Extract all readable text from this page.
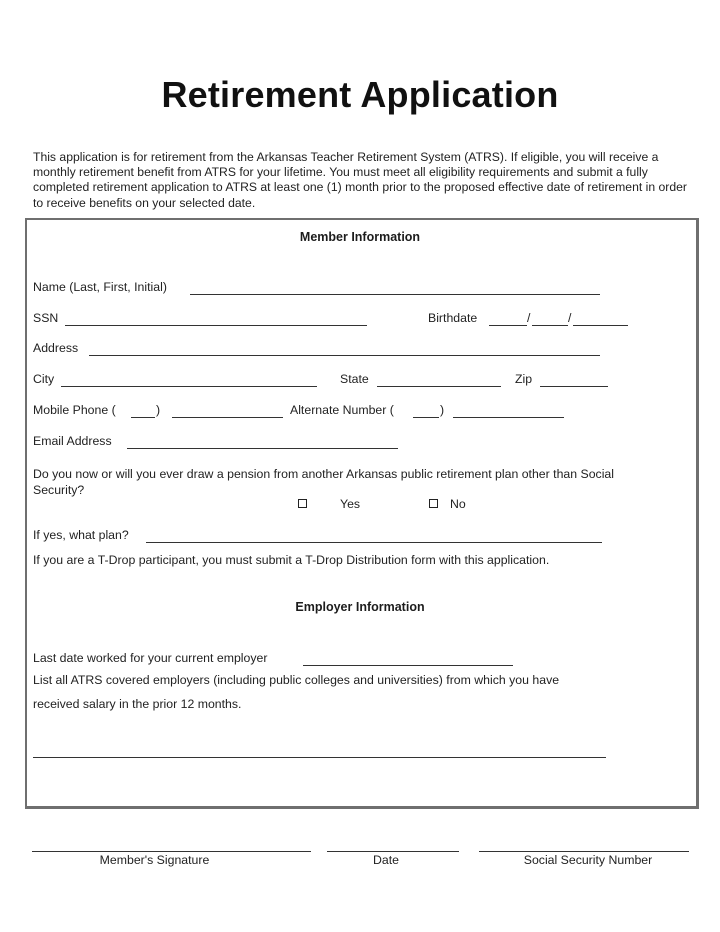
Retirement Application
This application is for retirement from the Arkansas Teacher Retirement System (ATRS). If eligible, you will receive a monthly retirement benefit from ATRS for your lifetime. You must meet all eligibility requirements and submit a fully completed retirement application to ATRS at least one (1) month prior to the proposed effective date of retirement in order to receive benefits on your selected date.
Member Information
Name (Last, First, Initial)
SSN	Birthdate	/	/
Address
City	State	Zip
Mobile Phone (	)	Alternate Number (	)
Email Address
Do you now or will you ever draw a pension from another Arkansas public retirement plan other than Social Security?
Yes	No
If yes, what plan?
If you are a T-Drop participant, you must submit a T-Drop Distribution form with this application.
Employer Information
Last date worked for your current employer
List all ATRS covered employers (including public colleges and universities) from which you have
received salary in the prior 12 months.
Member's Signature	Date	Social Security Number
